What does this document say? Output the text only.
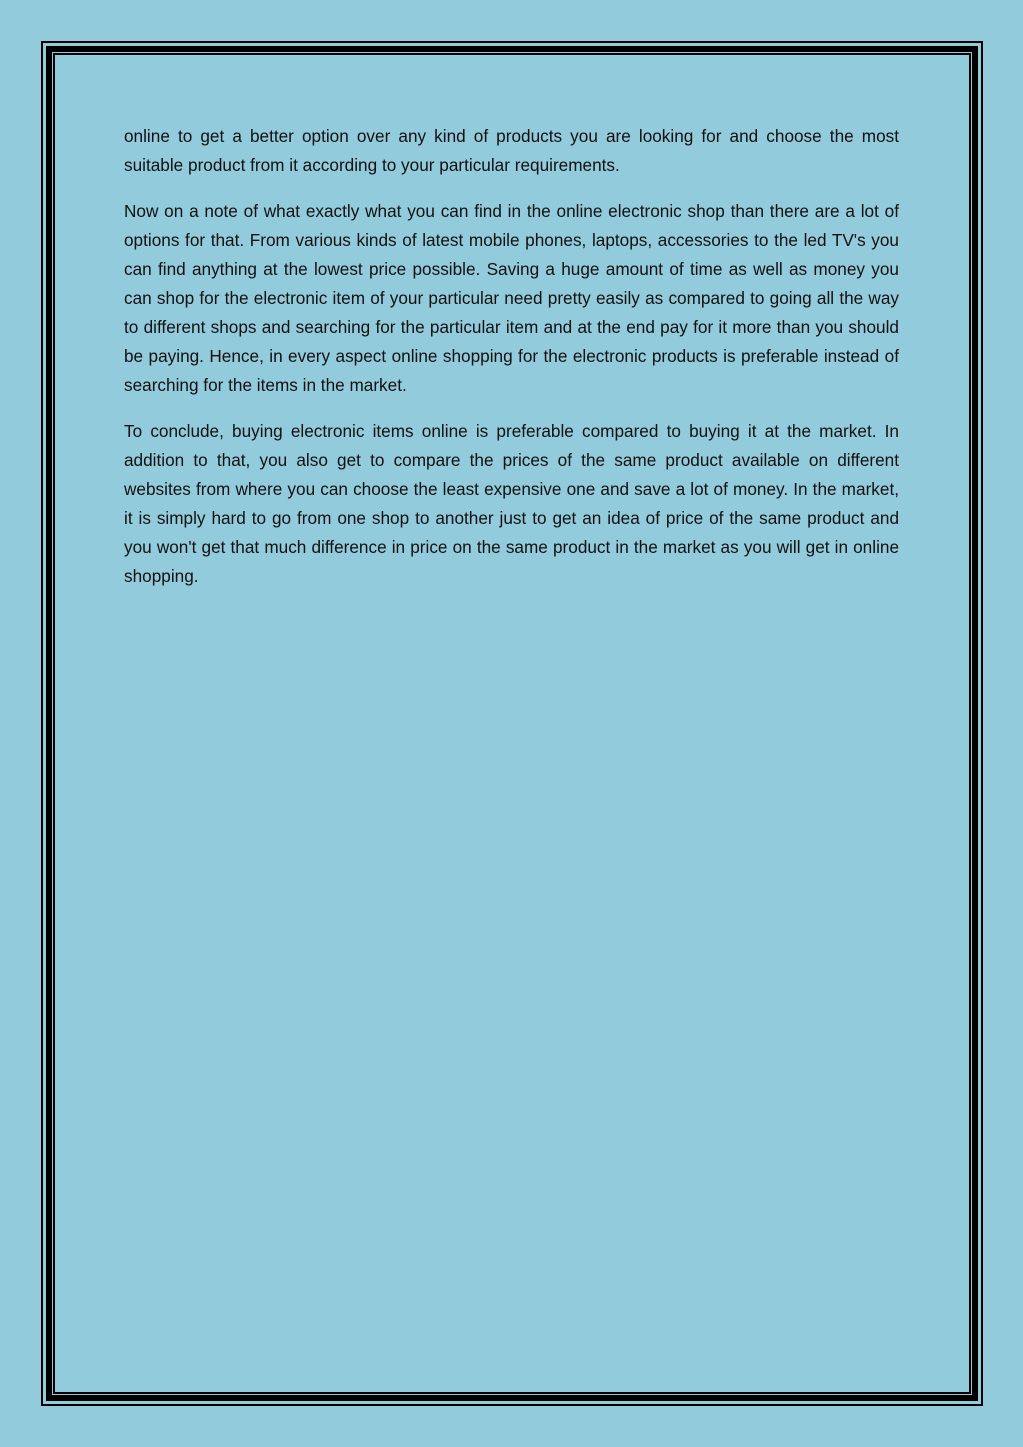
online to get a better option over any kind of products you are looking for and choose the most suitable product from it according to your particular requirements.

Now on a note of what exactly what you can find in the online electronic shop than there are a lot of options for that. From various kinds of latest mobile phones, laptops, accessories to the led TV's you can find anything at the lowest price possible. Saving a huge amount of time as well as money you can shop for the electronic item of your particular need pretty easily as compared to going all the way to different shops and searching for the particular item and at the end pay for it more than you should be paying. Hence, in every aspect online shopping for the electronic products is preferable instead of searching for the items in the market.

To conclude, buying electronic items online is preferable compared to buying it at the market. In addition to that, you also get to compare the prices of the same product available on different websites from where you can choose the least expensive one and save a lot of money. In the market, it is simply hard to go from one shop to another just to get an idea of price of the same product and you won't get that much difference in price on the same product in the market as you will get in online shopping.
